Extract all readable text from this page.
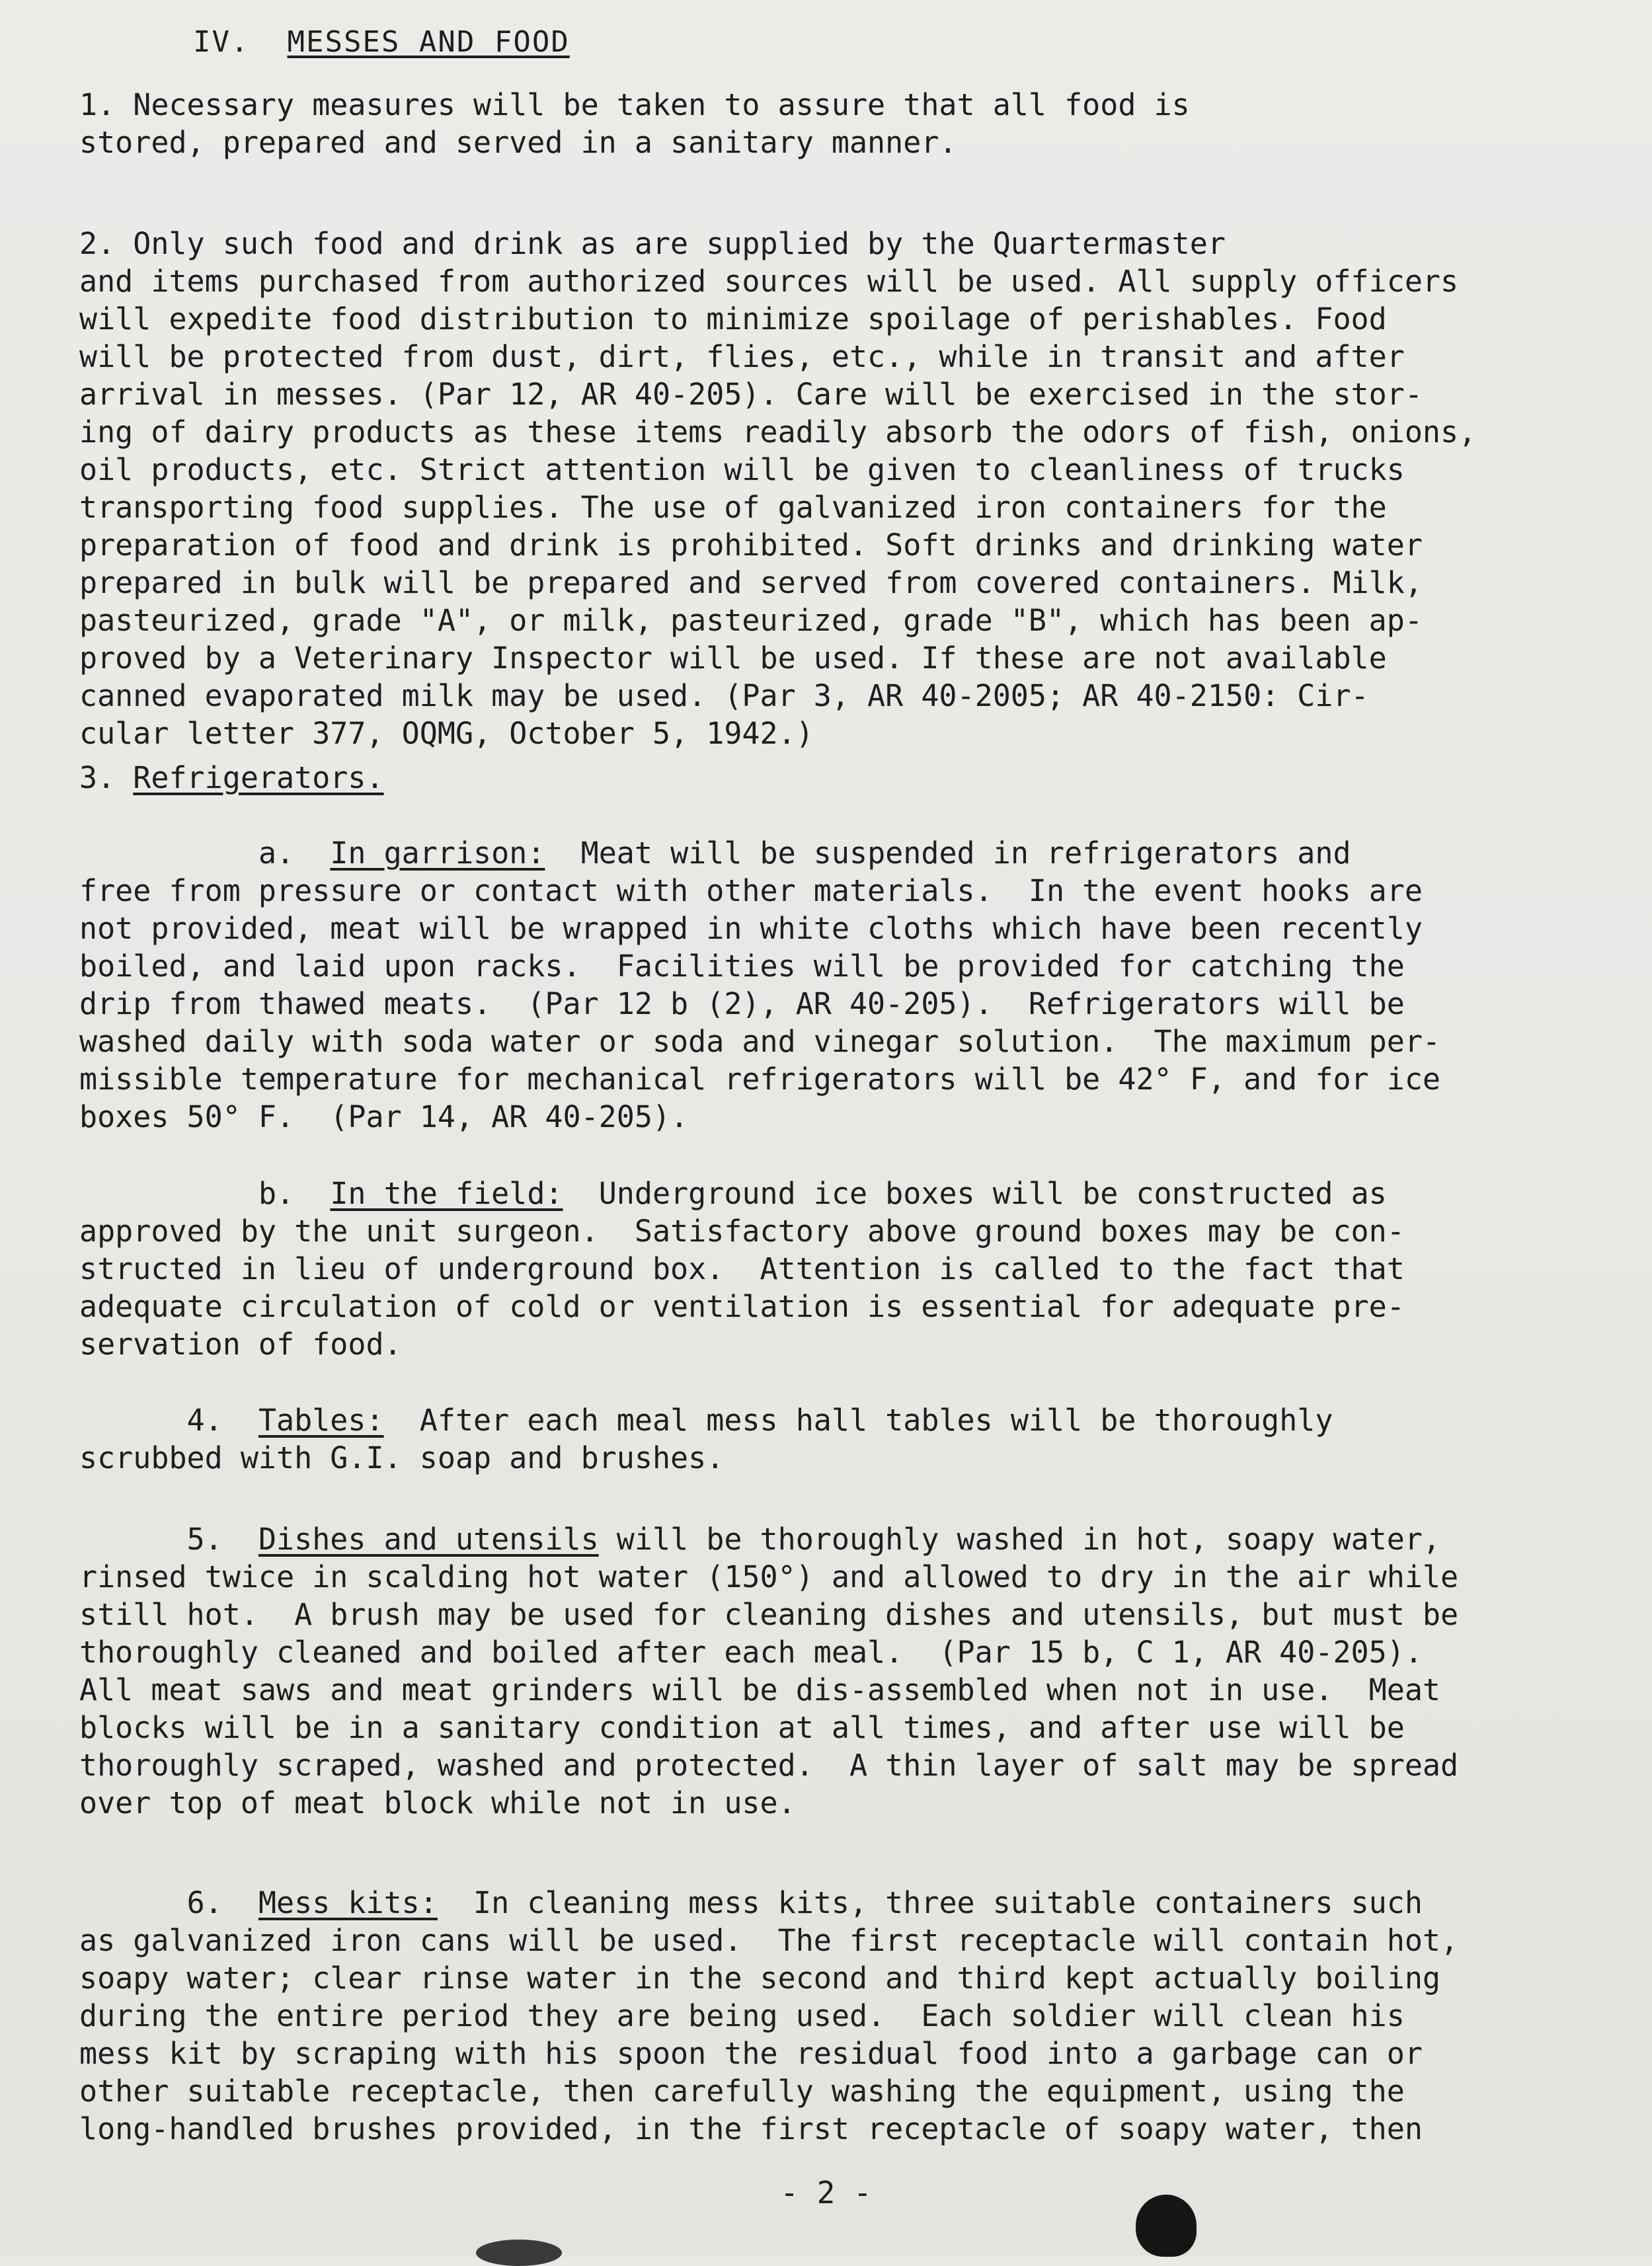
IV. MESSES AND FOOD

1. Necessary measures will be taken to assure that all food is
stored, prepared and served in a sanitary manner.

2. Only such food and drink as are supplied by the Quartermaster
and items purchased from authorized sources will be used. All supply officers
will expedite food distribution to minimize spoilage of perishables. Food
will be protected from dust, dirt, flies, etc., while in transit and after
arrival in messes. (Par 12, AR 40-205). Care will be exercised in the stor-
ing of dairy products as these items readily absorb the odors of fish, onions,
oil products, etc. Strict attention will be given to cleanliness of trucks
transporting food supplies. The use of galvanized iron containers for the
preparation of food and drink is prohibited. Soft drinks and drinking water
prepared in bulk will be prepared and served from covered containers. Milk,
pasteurized, grade "A", or milk, pasteurized, grade "B", which has been ap-
proved by a Veterinary Inspector will be used. If these are not available
canned evaporated milk may be used. (Par 3, AR 40-2005; AR 40-2150: Cir-
cular letter 377, OQMG, October 5, 1942.)

3. Refrigerators.

a. In garrison:  Meat will be suspended in refrigerators and
free from pressure or contact with other materials.  In the event hooks are
not provided, meat will be wrapped in white cloths which have been recently
boiled, and laid upon racks.  Facilities will be provided for catching the
drip from thawed meats.  (Par 12 b (2), AR 40-205).  Refrigerators will be
washed daily with soda water or soda and vinegar solution.  The maximum per-
missible temperature for mechanical refrigerators will be 42° F, and for ice
boxes 50° F.  (Par 14, AR 40-205).

b. In the field:  Underground ice boxes will be constructed as
approved by the unit surgeon.  Satisfactory above ground boxes may be con-
structed in lieu of underground box.  Attention is called to the fact that
adequate circulation of cold or ventilation is essential for adequate pre-
servation of food.

4. Tables:  After each meal mess hall tables will be thoroughly
scrubbed with G.I. soap and brushes.

5. Dishes and utensils will be thoroughly washed in hot, soapy water,
rinsed twice in scalding hot water (150°) and allowed to dry in the air while
still hot.  A brush may be used for cleaning dishes and utensils, but must be
thoroughly cleaned and boiled after each meal.  (Par 15 b, C 1, AR 40-205).
All meat saws and meat grinders will be dis-assembled when not in use.  Meat
blocks will be in a sanitary condition at all times, and after use will be
thoroughly scraped, washed and protected.  A thin layer of salt may be spread
over top of meat block while not in use.

6. Mess kits:  In cleaning mess kits, three suitable containers such
as galvanized iron cans will be used.  The first receptacle will contain hot,
soapy water; clear rinse water in the second and third kept actually boiling
during the entire period they are being used.  Each soldier will clean his
mess kit by scraping with his spoon the residual food into a garbage can or
other suitable receptacle, then carefully washing the equipment, using the
long-handled brushes provided, in the first receptacle of soapy water, then

- 2 -
